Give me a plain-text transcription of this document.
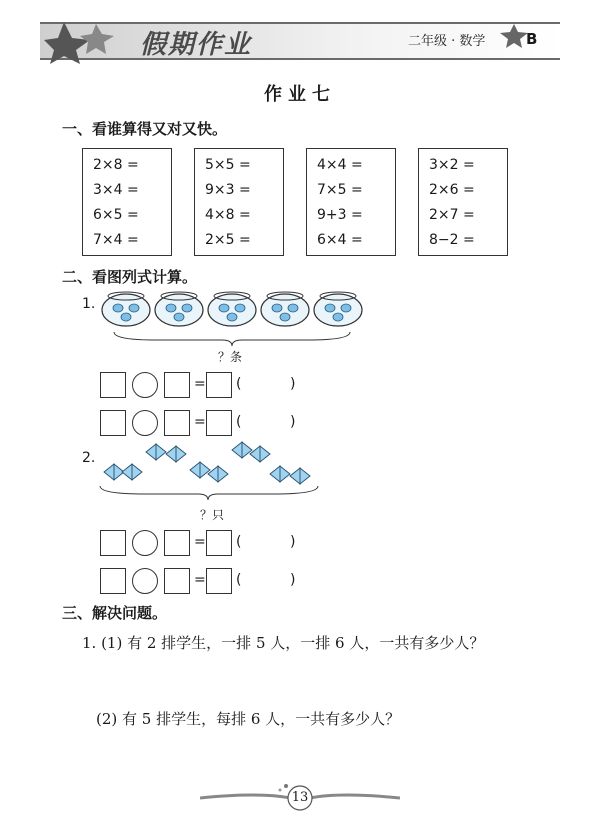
假期作业	二年级 · 数学	B
作业七
一、看谁算得又对又快。
2×8 =
3×4 =
6×5 =
7×4 =
5×5 =
9×3 =
4×8 =
2×5 =
4×4 =
7×5 =
9+3 =
6×4 =
3×2 =
2×6 =
2×7 =
8−2 =
二、看图列式计算。
1.
？条
= (	)
= (	)
2.
？只
= (	)
= (	)
三、解决问题。
1. (1) 有 2 排学生，一排 5 人，一排 6 人，一共有多少人？
(2) 有 5 排学生，每排 6 人，一共有多少人？
13
